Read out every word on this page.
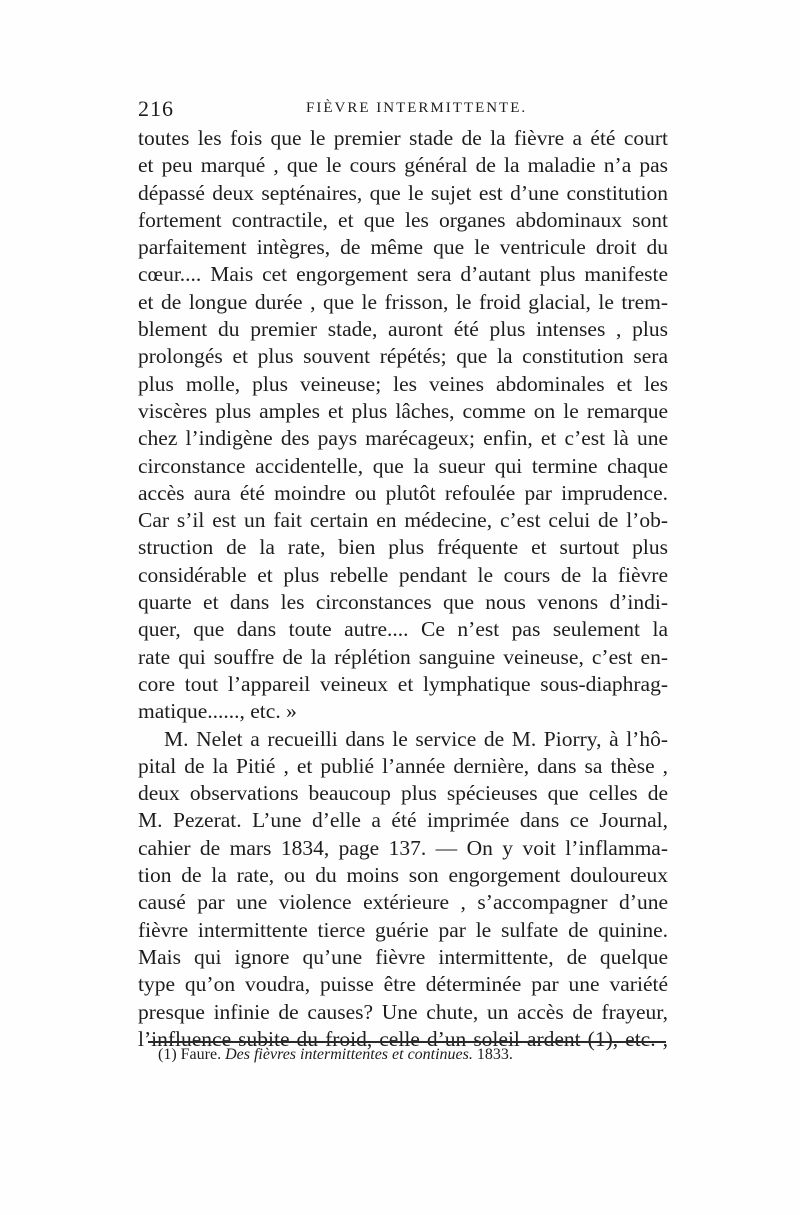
216	FIÈVRE INTERMITTENTE.
toutes les fois que le premier stade de la fièvre a été court
et peu marqué , que le cours général de la maladie n’a pas
dépassé deux septénaires, que le sujet est d’une constitution
fortement contractile, et que les organes abdominaux sont
parfaitement intègres, de même que le ventricule droit du
cœur.... Mais cet engorgement sera d’autant plus manifeste
et de longue durée , que le frisson, le froid glacial, le trem-
blement du premier stade, auront été plus intenses , plus
prolongés et plus souvent répétés; que la constitution sera
plus molle, plus veineuse; les veines abdominales et les
viscères plus amples et plus lâches, comme on le remarque
chez l’indigène des pays marécageux; enfin, et c’est là une
circonstance accidentelle, que la sueur qui termine chaque
accès aura été moindre ou plutôt refoulée par imprudence.
Car s’il est un fait certain en médecine, c’est celui de l’ob-
struction de la rate, bien plus fréquente et surtout plus
considérable et plus rebelle pendant le cours de la fièvre
quarte et dans les circonstances que nous venons d’indi-
quer, que dans toute autre.... Ce n’est pas seulement la
rate qui souffre de la réplétion sanguine veineuse, c’est en-
core tout l’appareil veineux et lymphatique sous-diaphrag-
matique......, etc. »
M. Nelet a recueilli dans le service de M. Piorry, à l’hô-
pital de la Pitié , et publié l’année dernière, dans sa thèse ,
deux observations beaucoup plus spécieuses que celles de
M. Pezerat. L’une d’elle a été imprimée dans ce Journal,
cahier de mars 1834, page 137. — On y voit l’inflamma-
tion de la rate, ou du moins son engorgement douloureux
causé par une violence extérieure , s’accompagner d’une
fièvre intermittente tierce guérie par le sulfate de quinine.
Mais qui ignore qu’une fièvre intermittente, de quelque
type qu’on voudra, puisse être déterminée par une variété
presque infinie de causes? Une chute, un accès de frayeur,
l’influence subite du froid, celle d’un soleil ardent (1), etc. ,
(1) Faure. Des fièvres intermittentes et continues. 1833.
